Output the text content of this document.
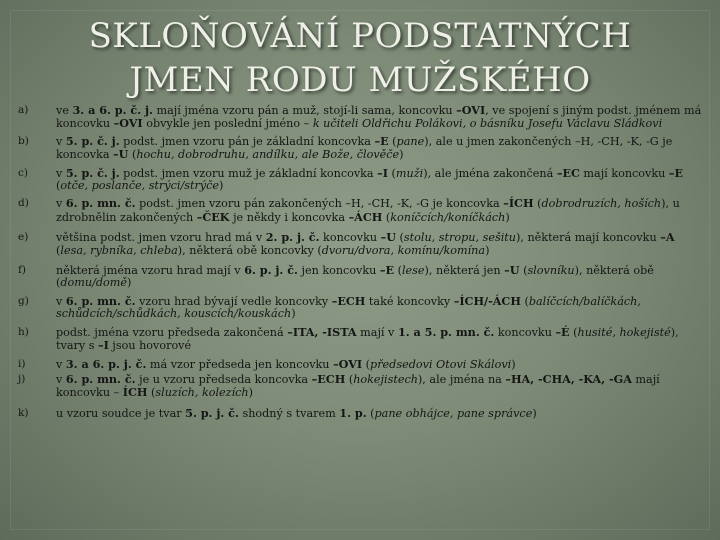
SKLOŇOVÁNÍ PODSTATNÝCH
JMEN RODU MUŽSKÉHO
a)	ve 3. a 6. p. č. j. mají jména vzoru pán a muž, stojí-li sama, koncovku –OVI, ve spojení s jiným podst. jménem má koncovku –OVI obvykle jen poslední jméno – k učiteli Oldřichu Polákovi, o básníku Josefu Václavu Sládkovi
b)	v 5. p. č. j. podst. jmen vzoru pán je základní koncovka –E (pane), ale u jmen zakončených –H, -CH, -K, -G je koncovka –U (hochu, dobrodruhu, andílku, ale Bože, člověče)
c)	v 5. p. č. j. podst. jmen vzoru muž je základní koncovka –I (muži), ale jména zakončená –EC mají koncovku –E (otče, poslanče, strýci/strýče)
d)	v 6. p. mn. č. podst. jmen vzoru pán zakončených –H, -CH, -K, -G je koncovka –ÍCH (dobrodruzích, hoších), u zdrobnělin zakončených –ČEK je někdy i koncovka –ÁCH (koníčcích/koníčkách)
e)	většina podst. jmen vzoru hrad má v 2. p. j. č. koncovku –U (stolu, stropu, sešitu), některá mají koncovku –A (lesa, rybníka, chleba), některá obě koncovky (dvoru/dvora, komínu/komína)
f)	některá jména vzoru hrad mají v 6. p. j. č. jen koncovku –E (lese), některá jen –U (slovníku), některá obě (domu/domě)
g)	v 6. p. mn. č. vzoru hrad bývají vedle koncovky –ECH také koncovky –ÍCH/-ÁCH (balíčcích/balíčkách, schůdcích/schůdkách, kouscích/kouskách)
h)	podst. jména vzoru předseda zakončená –ITA, -ISTA mají v 1. a 5. p. mn. č. koncovku –É (husité, hokejisté), tvary s –I jsou hovorové
i)	v 3. a 6. p. j. č. má vzor předseda jen koncovku –OVI (předsedovi Otovi Skálovi)
j)	v 6. p. mn. č. je u vzoru předseda koncovka –ECH (hokejistech), ale jména na –HA, -CHA, -KA, -GA mají koncovku – ÍCH (sluzích, kolezích)
k)	u vzoru soudce je tvar 5. p. j. č. shodný s tvarem 1. p. (pane obhájce, pane správce)
